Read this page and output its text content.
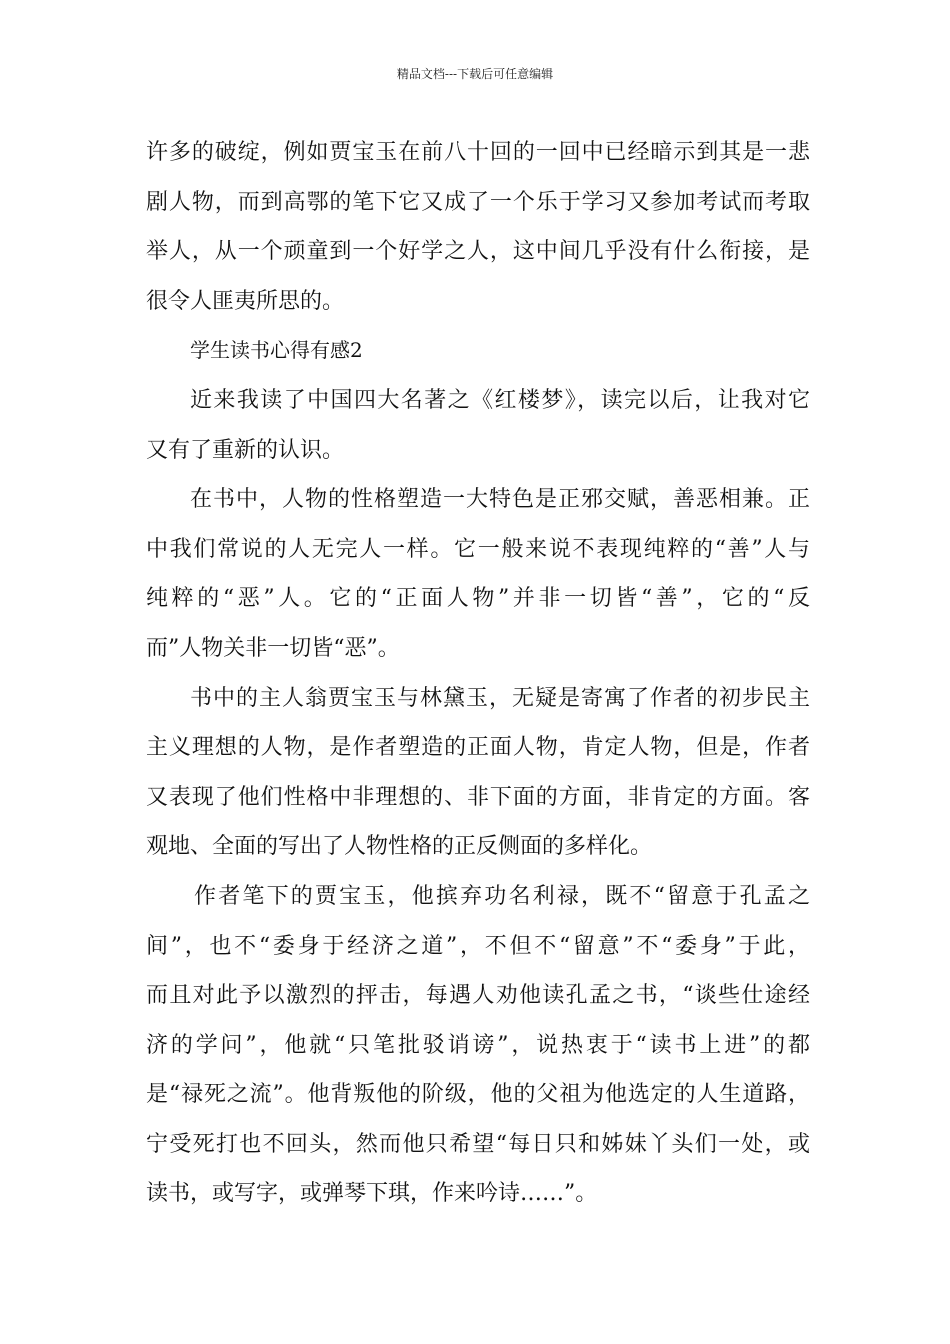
精品文档---下载后可任意编辑
许多的破绽，例如贾宝玉在前八十回的一回中已经暗示到其是一悲
剧人物，而到高鄂的笔下它又成了一个乐于学习又参加考试而考取
举人，从一个顽童到一个好学之人，这中间几乎没有什么衔接，是
很令人匪夷所思的。
学生读书心得有感2
近来我读了中国四大名著之《红楼梦》，读完以后，让我对它
又有了重新的认识。
在书中，人物的性格塑造一大特色是正邪交赋，善恶相兼。正
中我们常说的人无完人一样。它一般来说不表现纯粹的“善”人与
纯粹的“恶”人。它的“正面人物”并非一切皆“善”，它的“反
而”人物关非一切皆“恶”。
书中的主人翁贾宝玉与林黛玉，无疑是寄寓了作者的初步民主
主义理想的人物，是作者塑造的正面人物，肯定人物，但是，作者
又表现了他们性格中非理想的、非下面的方面，非肯定的方面。客
观地、全面的写出了人物性格的正反侧面的多样化。
作者笔下的贾宝玉，他摈弃功名利禄，既不“留意于孔孟之
间”，也不“委身于经济之道”，不但不“留意”不“委身”于此，
而且对此予以激烈的抨击，每遇人劝他读孔孟之书，“谈些仕途经
济的学问”，他就“只笔批驳诮谤”，说热衷于“读书上进”的都
是“禄死之流”。他背叛他的阶级，他的父祖为他选定的人生道路，
宁受死打也不回头，然而他只希望“每日只和姊妹丫头们一处，或
读书，或写字，或弹琴下琪，作来吟诗……”。
